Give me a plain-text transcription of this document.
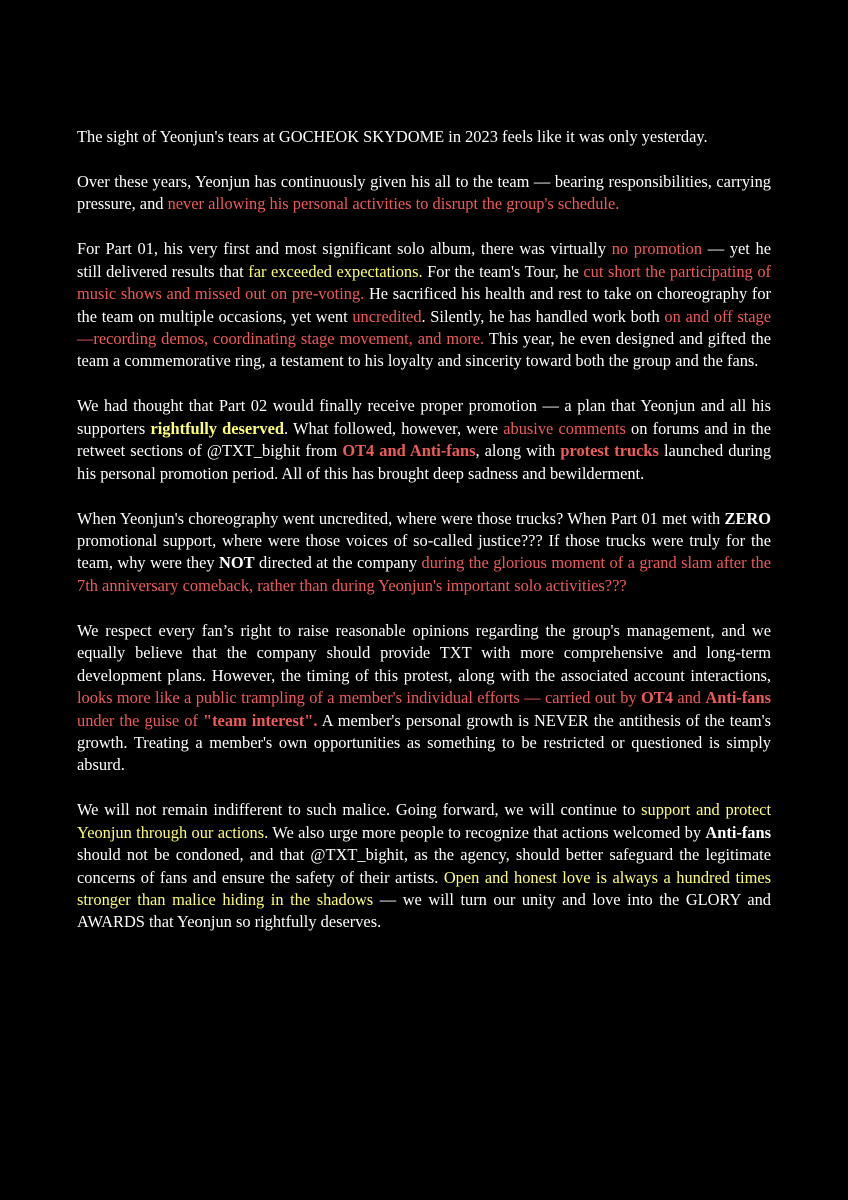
The sight of Yeonjun's tears at GOCHEOK SKYDOME in 2023 feels like it was only yesterday.

Over these years, Yeonjun has continuously given his all to the team — bearing responsibilities, carrying pressure, and never allowing his personal activities to disrupt the group's schedule.

For Part 01, his very first and most significant solo album, there was virtually no promotion — yet he still delivered results that far exceeded expectations. For the team's Tour, he cut short the participating of music shows and missed out on pre-voting. He sacrificed his health and rest to take on choreography for the team on multiple occasions, yet went uncredited. Silently, he has handled work both on and off stage—recording demos, coordinating stage movement, and more. This year, he even designed and gifted the team a commemorative ring, a testament to his loyalty and sincerity toward both the group and the fans.

We had thought that Part 02 would finally receive proper promotion — a plan that Yeonjun and all his supporters rightfully deserved. What followed, however, were abusive comments on forums and in the retweet sections of @TXT_bighit from OT4 and Anti-fans, along with protest trucks launched during his personal promotion period. All of this has brought deep sadness and bewilderment.

When Yeonjun's choreography went uncredited, where were those trucks? When Part 01 met with ZERO promotional support, where were those voices of so-called justice??? If those trucks were truly for the team, why were they NOT directed at the company during the glorious moment of a grand slam after the 7th anniversary comeback, rather than during Yeonjun's important solo activities???

We respect every fan’s right to raise reasonable opinions regarding the group's management, and we equally believe that the company should provide TXT with more comprehensive and long-term development plans. However, the timing of this protest, along with the associated account interactions, looks more like a public trampling of a member's individual efforts — carried out by OT4 and Anti-fans under the guise of "team interest". A member's personal growth is NEVER the antithesis of the team's growth. Treating a member's own opportunities as something to be restricted or questioned is simply absurd.

We will not remain indifferent to such malice. Going forward, we will continue to support and protect Yeonjun through our actions. We also urge more people to recognize that actions welcomed by Anti-fans should not be condoned, and that @TXT_bighit, as the agency, should better safeguard the legitimate concerns of fans and ensure the safety of their artists. Open and honest love is always a hundred times stronger than malice hiding in the shadows — we will turn our unity and love into the GLORY and AWARDS that Yeonjun so rightfully deserves.
